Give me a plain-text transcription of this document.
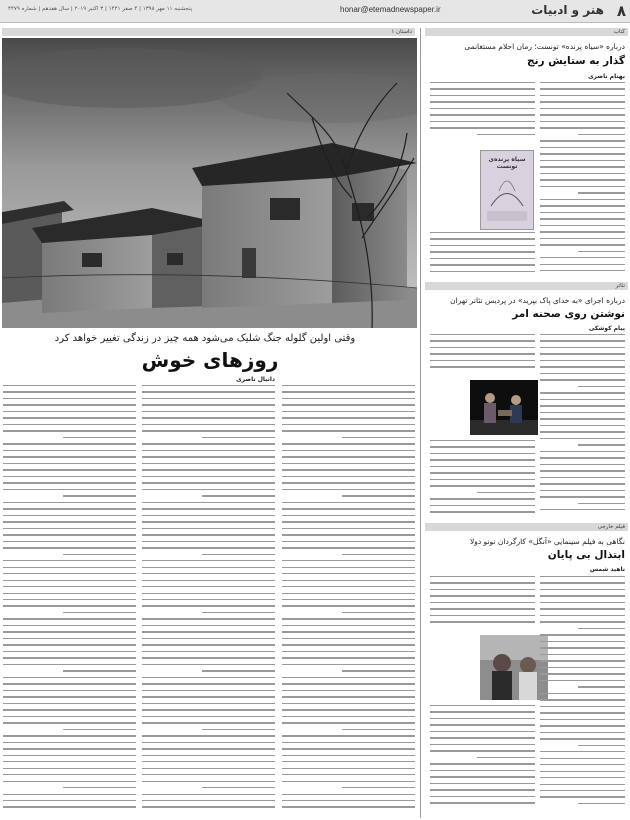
۸
هنر و ادبیات
honar@etemadnewspaper.ir
پنجشنبه ۱۱ مهر ۱۳۹۸ | ۴ صفر ۱۴۴۱ | ۳ اکتبر ۲۰۱۹ | سال هفدهم | شماره ۴۴۷۹
داستان ۱	کتاب
تئاتر
فیلم خارجی
وقتی اولین گلوله جنگ شلیک می‌شود همه چیز در زندگی تغییر خواهد کرد
روزهای خوش
دانیال ناصری
درباره «سیاه پرنده» تونست؛ رمان احلام مستغانمی
گذار به ستایش رنج
بهنام ناصری
سیاه پرنده‌ی تونست
درباره اجرای «به خدای پاک بپرید» در پردیس تئاتر تهران
نوشتن روی صحنه امر
پیام کوشکی
نگاهی به فیلم سینمایی «آنگل» کارگردان نونو دولا
ابتذال بی پایان
ناهید شمس
